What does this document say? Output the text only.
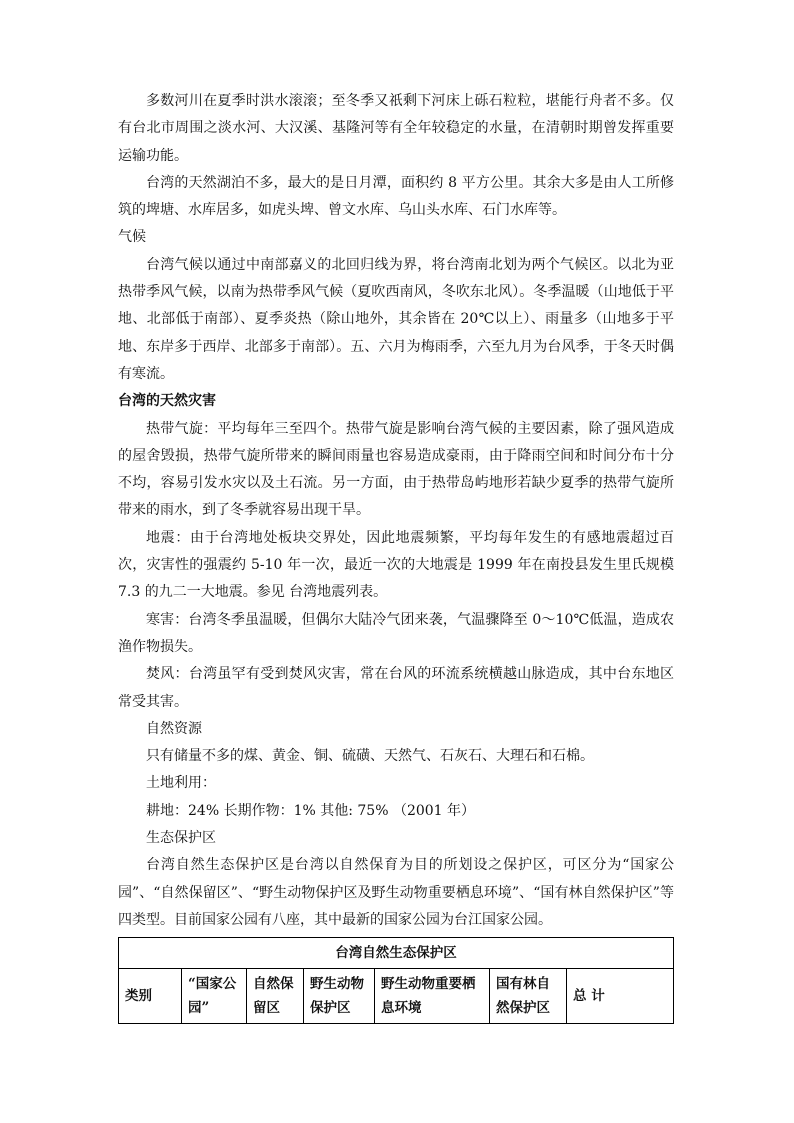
多数河川在夏季时洪水滚滚；至冬季又祇剩下河床上砾石粒粒，堪能行舟者不多。仅有台北市周围之淡水河、大汉溪、基隆河等有全年较稳定的水量，在清朝时期曾发挥重要运输功能。

台湾的天然湖泊不多，最大的是日月潭，面积约 8 平方公里。其余大多是由人工所修筑的埤塘、水库居多，如虎头埤、曾文水库、乌山头水库、石门水库等。

气候

台湾气候以通过中南部嘉义的北回归线为界，将台湾南北划为两个气候区。以北为亚热带季风气候，以南为热带季风气候（夏吹西南风，冬吹东北风）。冬季温暖（山地低于平地、北部低于南部）、夏季炎热（除山地外，其余皆在 20℃以上）、雨量多（山地多于平地、东岸多于西岸、北部多于南部）。五、六月为梅雨季，六至九月为台风季，于冬天时偶有寒流。

台湾的天然灾害

热带气旋：平均每年三至四个。热带气旋是影响台湾气候的主要因素，除了强风造成的屋舍毁损，热带气旋所带来的瞬间雨量也容易造成豪雨，由于降雨空间和时间分布十分不均，容易引发水灾以及土石流。另一方面，由于热带岛屿地形若缺少夏季的热带气旋所带来的雨水，到了冬季就容易出现干旱。

地震：由于台湾地处板块交界处，因此地震频繁，平均每年发生的有感地震超过百次，灾害性的强震约 5-10 年一次，最近一次的大地震是 1999 年在南投县发生里氏规模7.3 的九二一大地震。参见 台湾地震列表。

寒害：台湾冬季虽温暖，但偶尔大陆冷气团来袭，气温骤降至 0～10℃低温，造成农渔作物损失。

焚风：台湾虽罕有受到焚风灾害，常在台风的环流系统横越山脉造成，其中台东地区常受其害。

自然资源

只有储量不多的煤、黄金、铜、硫磺、天然气、石灰石、大理石和石棉。

土地利用：

耕地：24% 长期作物：1% 其他: 75% （2001 年）

生态保护区

台湾自然生态保护区是台湾以自然保育为目的所划设之保护区，可区分为“国家公园”、“自然保留区”、“野生动物保护区及野生动物重要栖息环境”、“国有林自然保护区”等四类型。目前国家公园有八座，其中最新的国家公园为台江国家公园。

台湾自然生态保护区
类别	“国家公园”	自然保留区	野生动物保护区	野生动物重要栖息环境	国有林自然保护区	总 计
